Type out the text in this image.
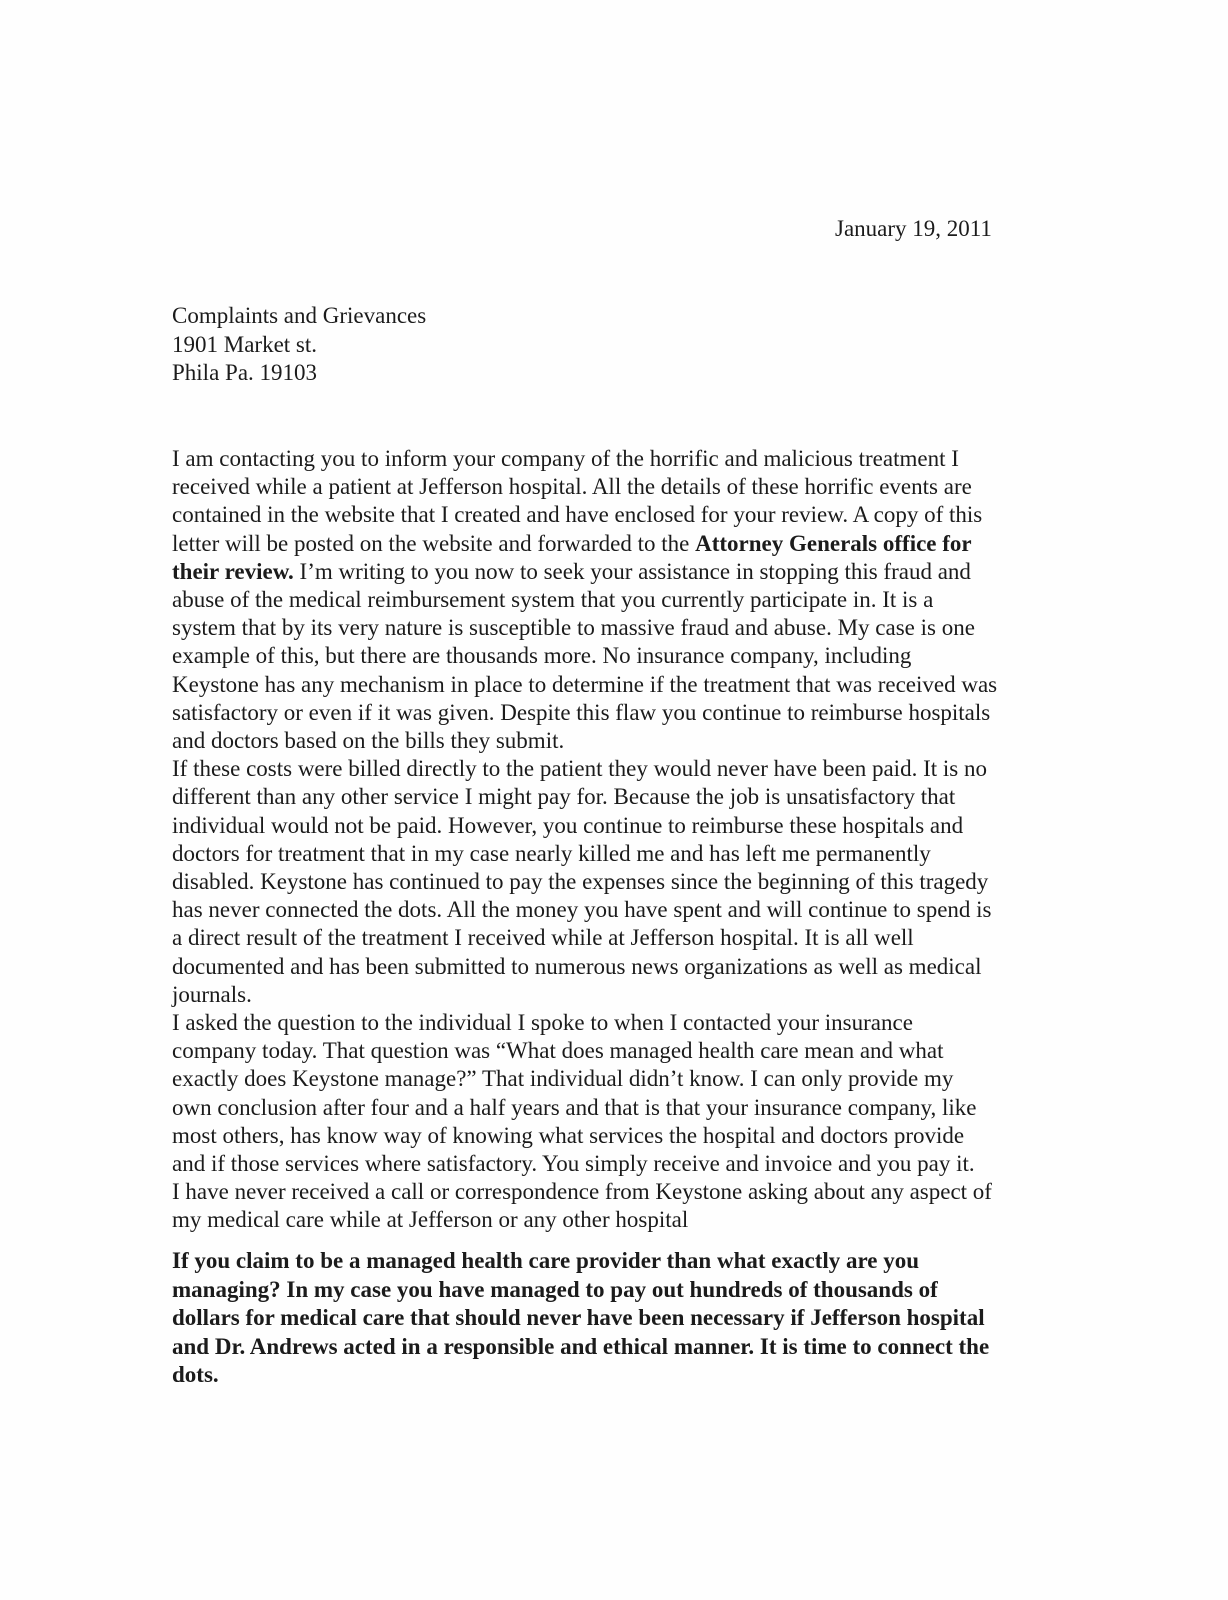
January 19, 2011
Complaints and Grievances
1901 Market st.
Phila Pa. 19103
I am contacting you to inform your company of the horrific and malicious treatment I
received while a patient at Jefferson hospital. All the details of these horrific events are
contained in the website that I created and have enclosed for your review. A copy of this
letter will be posted on the website and forwarded to the Attorney Generals office for
their review. I’m writing to you now to seek your assistance in stopping this fraud and
abuse of the medical reimbursement system that you currently participate in. It is a
system that by its very nature is susceptible to massive fraud and abuse. My case is one
example of this, but there are thousands more. No insurance company, including
Keystone has any mechanism in place to determine if the treatment that was received was
satisfactory or even if it was given. Despite this flaw you continue to reimburse hospitals
and doctors based on the bills they submit.
If these costs were billed directly to the patient they would never have been paid. It is no
different than any other service I might pay for. Because the job is unsatisfactory that
individual would not be paid. However, you continue to reimburse these hospitals and
doctors for treatment that in my case nearly killed me and has left me permanently
disabled. Keystone has continued to pay the expenses since the beginning of this tragedy
has never connected the dots. All the money you have spent and will continue to spend is
a direct result of the treatment I received while at Jefferson hospital. It is all well
documented and has been submitted to numerous news organizations as well as medical
journals.
I asked the question to the individual I spoke to when I contacted your insurance
company today. That question was “What does managed health care mean and what
exactly does Keystone manage?” That individual didn’t know. I can only provide my
own conclusion after four and a half years and that is that your insurance company, like
most others, has know way of knowing what services the hospital and doctors provide
and if those services where satisfactory. You simply receive and invoice and you pay it.
I have never received a call or correspondence from Keystone asking about any aspect of
my medical care while at Jefferson or any other hospital
If you claim to be a managed health care provider than what exactly are you
managing? In my case you have managed to pay out hundreds of thousands of
dollars for medical care that should never have been necessary if Jefferson hospital
and Dr. Andrews acted in a responsible and ethical manner. It is time to connect the
dots.
